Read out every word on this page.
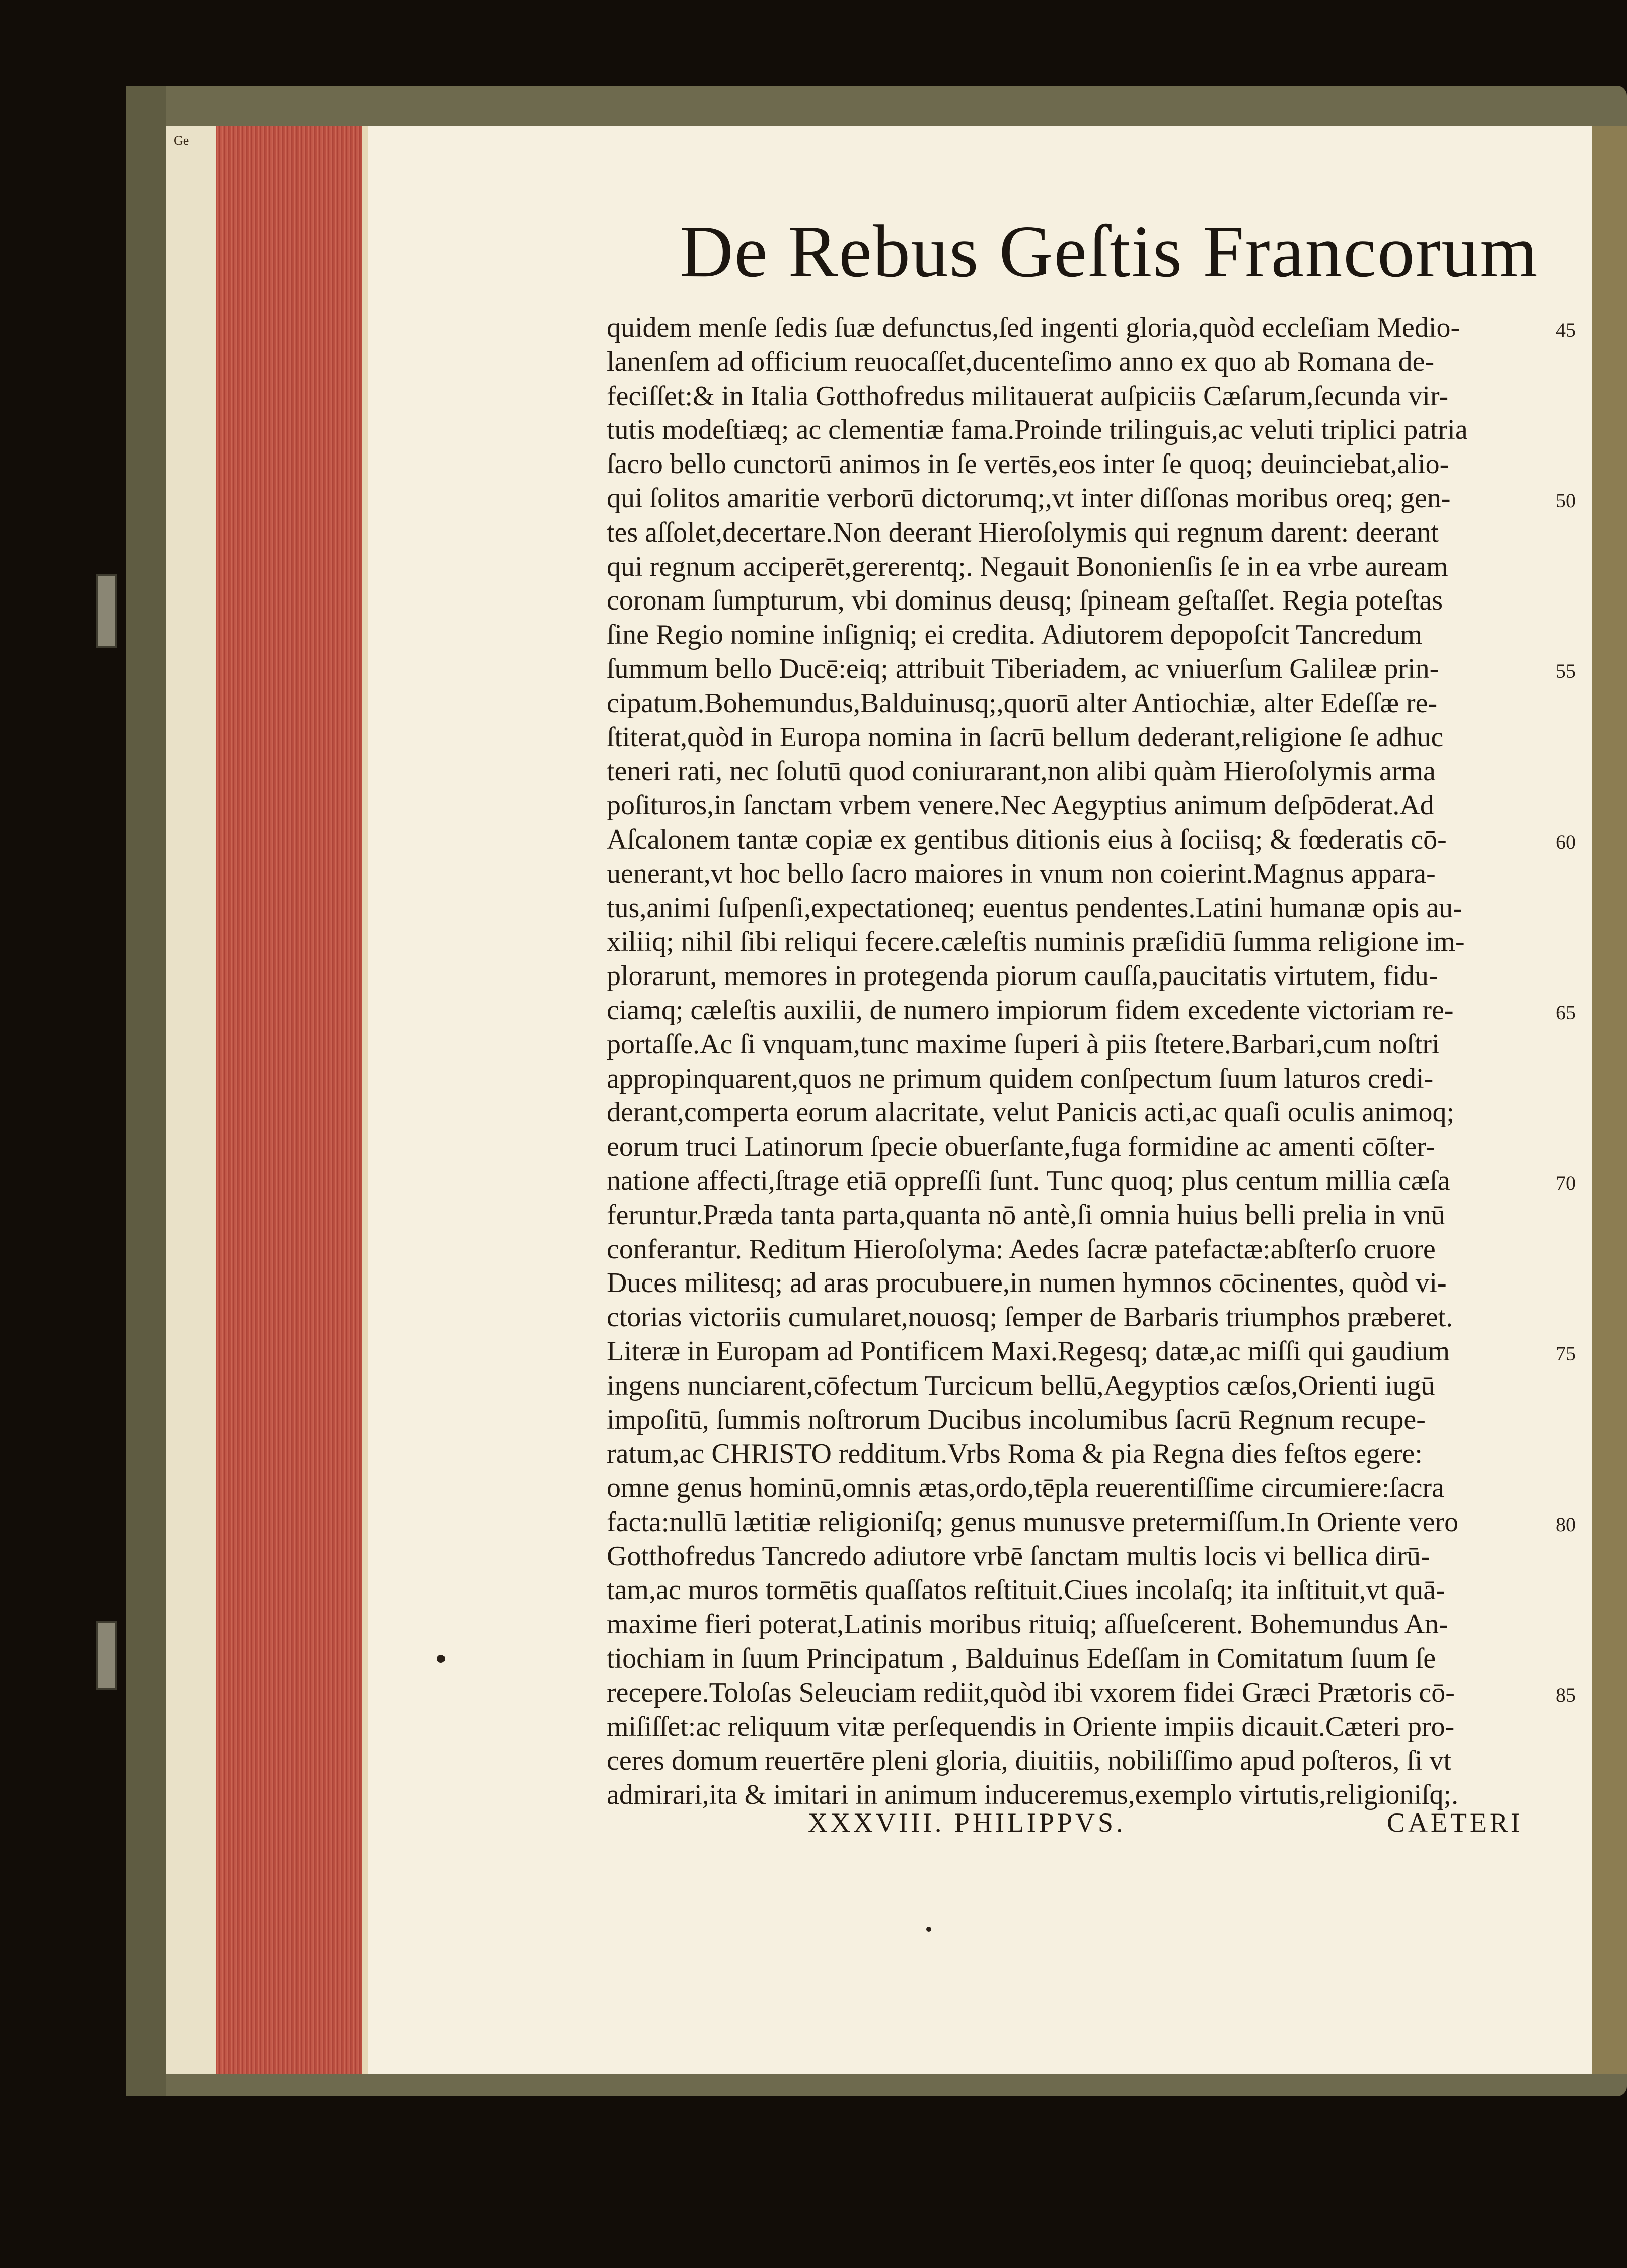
Ge
De Rebus Geſtis Francorum
quidem menſe ſedis ſuæ defunctus,ſed ingenti gloria,quòd eccleſiam Medio-	45
lanenſem ad officium reuocaſſet,ducenteſimo anno ex quo ab Romana de-
feciſſet:& in Italia Gotthofredus militauerat auſpiciis Cæſarum,ſecunda vir-
tutis modeſtiæq; ac clementiæ fama.Proinde trilinguis,ac veluti triplici patria
ſacro bello cunctorū animos in ſe vertēs,eos inter ſe quoq; deuinciebat,alio-
qui ſolitos amaritie verborū dictorumq;,vt inter diſſonas moribus oreq; gen-	50
tes aſſolet,decertare.Non deerant Hieroſolymis qui regnum darent: deerant
qui regnum acciperēt,gererentq;. Negauit Bononienſis ſe in ea vrbe auream
coronam ſumpturum, vbi dominus deusq; ſpineam geſtaſſet. Regia poteſtas
ſine Regio nomine inſigniq; ei credita. Adiutorem depopoſcit Tancredum
ſummum bello Ducē:eiq; attribuit Tiberiadem, ac vniuerſum Galileæ prin-	55
cipatum.Bohemundus,Balduinusq;,quorū alter Antiochiæ, alter Edeſſæ re-
ſtiterat,quòd in Europa nomina in ſacrū bellum dederant,religione ſe adhuc
teneri rati, nec ſolutū quod coniurarant,non alibi quàm Hieroſolymis arma
poſituros,in ſanctam vrbem venere.Nec Aegyptius animum deſpōderat.Ad
Aſcalonem tantæ copiæ ex gentibus ditionis eius à ſociisq; & fœderatis cō-	60
uenerant,vt hoc bello ſacro maiores in vnum non coierint.Magnus appara-
tus,animi ſuſpenſi,expectationeq; euentus pendentes.Latini humanæ opis au-
xiliiq; nihil ſibi reliqui fecere.cæleſtis numinis præſidiū ſumma religione im-
plorarunt, memores in protegenda piorum cauſſa,paucitatis virtutem, fidu-
ciamq; cæleſtis auxilii, de numero impiorum fidem excedente victoriam re-	65
portaſſe.Ac ſi vnquam,tunc maxime ſuperi à piis ſtetere.Barbari,cum noſtri
appropinquarent,quos ne primum quidem conſpectum ſuum laturos credi-
derant,comperta eorum alacritate, velut Panicis acti,ac quaſi oculis animoq;
eorum truci Latinorum ſpecie obuerſante,fuga formidine ac amenti cōſter-
natione affecti,ſtrage etiā oppreſſi ſunt. Tunc quoq; plus centum millia cæſa	70
feruntur.Præda tanta parta,quanta nō antè,ſi omnia huius belli prelia in vnū
conferantur. Reditum Hieroſolyma: Aedes ſacræ patefactæ:abſterſo cruore
Duces militesq; ad aras procubuere,in numen hymnos cōcinentes, quòd vi-
ctorias victoriis cumularet,nouosq; ſemper de Barbaris triumphos præberet.
Literæ in Europam ad Pontificem Maxi.Regesq; datæ,ac miſſi qui gaudium	75
ingens nunciarent,cōfectum Turcicum bellū,Aegyptios cæſos,Orienti iugū
impoſitū, ſummis noſtrorum Ducibus incolumibus ſacrū Regnum recupe-
ratum,ac CHRISTO redditum.Vrbs Roma & pia Regna dies feſtos egere:
omne genus hominū,omnis ætas,ordo,tēpla reuerentiſſime circumiere:ſacra
facta:nullū lætitiæ religioniſq; genus munusve pretermiſſum.In Oriente vero	80
Gotthofredus Tancredo adiutore vrbē ſanctam multis locis vi bellica dirū-
tam,ac muros tormētis quaſſatos reſtituit.Ciues incolaſq; ita inſtituit,vt quā-
maxime fieri poterat,Latinis moribus rituiq; aſſueſcerent. Bohemundus An-
tiochiam in ſuum Principatum , Balduinus Edeſſam in Comitatum ſuum ſe
recepere.Toloſas Seleuciam rediit,quòd ibi vxorem fidei Græci Prætoris cō-	85
miſiſſet:ac reliquum vitæ perſequendis in Oriente impiis dicauit.Cæteri pro-
ceres domum reuertēre pleni gloria, diuitiis, nobiliſſimo apud poſteros, ſi vt
admirari,ita & imitari in animum induceremus,exemplo virtutis,religioniſq;.
XXXVIII. PHILIPPVS.	CAETERI
